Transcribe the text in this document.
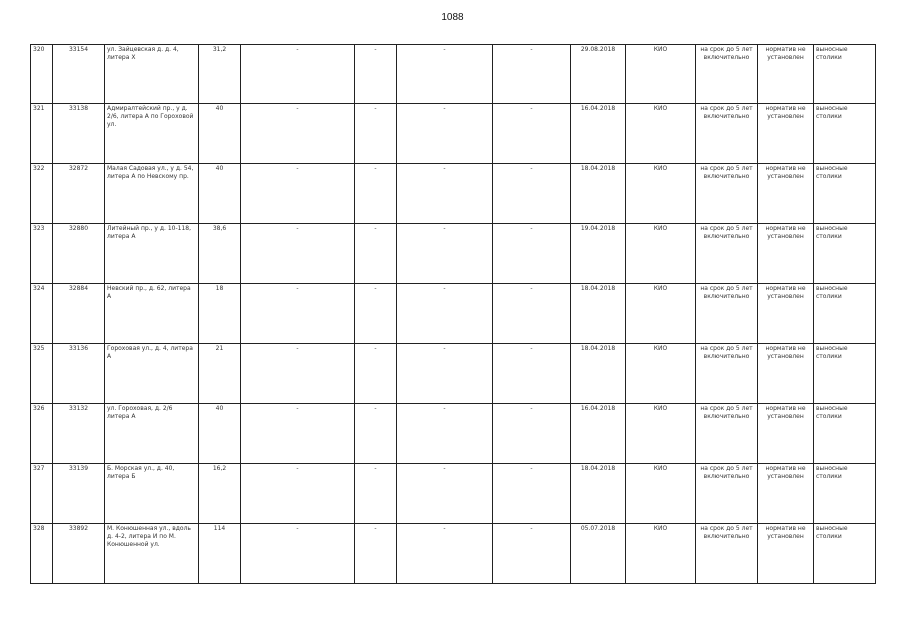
1088
320	33154	ул. Зайцевская д. д. 4, литера Х	31,2	-	-	-	-	29.08.2018	КИО	на срок до 5 лет включительно	норматив не установлен	выносные столики
321	33138	Адмиралтейский пр., у д. 2/6, литера А по Гороховой ул.	40	-	-	-	-	16.04.2018	КИО	на срок до 5 лет включительно	норматив не установлен	выносные столики
322	32872	Малая Садовая ул., у д. 54, литера А по Невскому пр.	40	-	-	-	-	18.04.2018	КИО	на срок до 5 лет включительно	норматив не установлен	выносные столики
323	32880	Литейный пр., у д. 10-118, литера А	38,6	-	-	-	-	19.04.2018	КИО	на срок до 5 лет включительно	норматив не установлен	выносные столики
324	32884	Невский пр., д. 62, литера А	18	-	-	-	-	18.04.2018	КИО	на срок до 5 лет включительно	норматив не установлен	выносные столики
325	33136	Гороховая ул., д. 4, литера А	21	-	-	-	-	18.04.2018	КИО	на срок до 5 лет включительно	норматив не установлен	выносные столики
326	33132	ул. Гороховая, д. 2/6 литера А	40	-	-	-	-	16.04.2018	КИО	на срок до 5 лет включительно	норматив не установлен	выносные столики
327	33139	Б. Морская ул., д. 40, литера Б	16,2	-	-	-	-	18.04.2018	КИО	на срок до 5 лет включительно	норматив не установлен	выносные столики
328	33892	М. Конюшенная ул., вдоль д. 4-2, литера И по М. Конюшенной ул.	114	-	-	-	-	05.07.2018	КИО	на срок до 5 лет включительно	норматив не установлен	выносные столики
